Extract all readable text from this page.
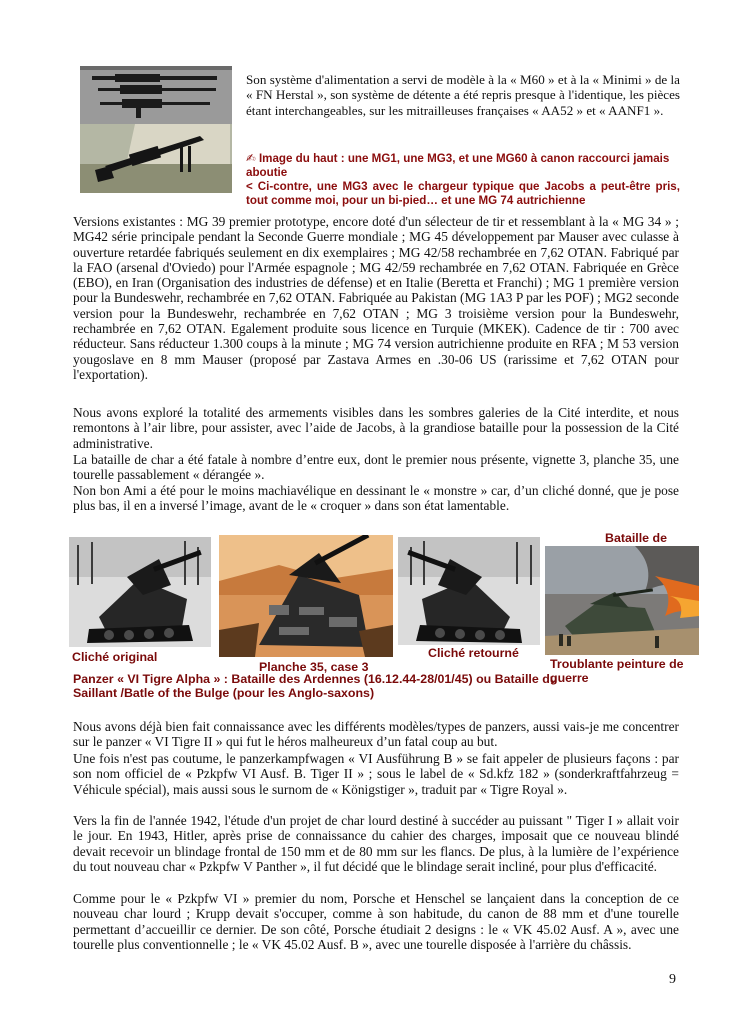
Son système d'alimentation a servi de modèle à la « M60 » et à la « Minimi » de la « FN Herstal », son système de détente a été repris presque à l'identique, les pièces étant interchangeables, sur les mitrailleuses françaises « AA52 » et « AANF1 ».

✍ Image du haut : une MG1, une MG3, et une MG60 à canon raccourci jamais aboutie
< Ci-contre, une MG3 avec le chargeur typique que Jacobs a peut-être pris, tout comme moi, pour un bi-pied… et une MG 74 autrichienne

Versions existantes : MG 39 premier prototype, encore doté d'un sélecteur de tir et ressemblant à la « MG 34 » ; MG42 série principale pendant la Seconde Guerre mondiale ; MG 45 développement par Mauser avec culasse à ouverture retardée fabriqués seulement en dix exemplaires ; MG 42/58 rechambrée en 7,62 OTAN. Fabriqué par la FAO (arsenal d'Oviedo) pour l'Armée espagnole ; MG 42/59 rechambrée en 7,62 OTAN. Fabriquée en Grèce (EBO), en Iran (Organisation des industries de défense) et en Italie (Beretta et Franchi) ; MG 1 première version pour la Bundeswehr, rechambrée en 7,62 OTAN. Fabriquée au Pakistan (MG 1A3 P par les POF) ; MG2 seconde version pour la Bundeswehr, rechambrée en 7,62 OTAN ; MG 3 troisième version pour la Bundeswehr, rechambrée en 7,62 OTAN. Egalement produite sous licence en Turquie (MKEK). Cadence de tir : 700 avec réducteur. Sans réducteur 1.300 coups à la minute ; MG 74 version autrichienne produite en RFA ; M 53 version yougoslave en 8 mm Mauser (proposé par Zastava Armes en .30-06 US (rarissime et 7,62 OTAN pour l'exportation).

Nous avons exploré la totalité des armements visibles dans les sombres galeries de la Cité interdite, et nous remontons à l’air libre, pour assister, avec l’aide de Jacobs, à la grandiose bataille pour la possession de la Cité administrative.

La bataille de char a été fatale à nombre d’entre eux, dont le premier nous présente, vignette 3, planche 35, une tourelle passablement « dérangée ».

Non bon Ami a été pour le moins machiavélique en dessinant le « monstre » car, d’un cliché donné, que je pose plus bas, il en a inversé l’image, avant de le « croquer » dans son état lamentable.

Bataille de
Cliché original
Planche 35, case 3
Cliché retourné
Troublante peinture de guerre
Panzer « VI Tigre Alpha » : Bataille des Ardennes (16.12.44-28/01/45) ou Bataille du Saillant /Batle of the Bulge (pour les Anglo-saxons)

Nous avons déjà bien fait connaissance avec les différents modèles/types de panzers, aussi vais-je me concentrer sur le panzer « VI Tigre II » qui fut le héros malheureux d’un fatal coup au but.

Une fois n'est pas coutume, le panzerkampfwagen « VI Ausführung B » se fait appeler de plusieurs façons : par son nom officiel de « Pzkpfw VI Ausf. B. Tiger II » ; sous le label de « Sd.kfz 182 » (sonderkraftfahrzeug = Véhicule spécial), mais aussi sous le surnom de « Königstiger », traduit par « Tigre Royal ».

Vers la fin de l'année 1942, l'étude d'un projet de char lourd destiné à succéder au puissant " Tiger I » allait voir le jour. En 1943, Hitler, après prise de connaissance du cahier des charges, imposait que ce nouveau blindé devait recevoir un blindage frontal de 150 mm et de 80 mm sur les flancs. De plus, à la lumière de l’expérience du tout nouveau char « Pzkpfw V Panther », il fut décidé que le blindage serait incliné, pour plus d'efficacité.

Comme pour le « Pzkpfw VI » premier du nom, Porsche et Henschel se lançaient dans la conception de ce nouveau char lourd ; Krupp devait s'occuper, comme à son habitude, du canon de 88 mm et d'une tourelle permettant d’accueillir ce dernier. De son côté, Porsche étudiait 2 designs : le « VK 45.02 Ausf. A », avec une tourelle plus conventionnelle ; le « VK 45.02 Ausf. B », avec une tourelle disposée à l'arrière du châssis.

9
